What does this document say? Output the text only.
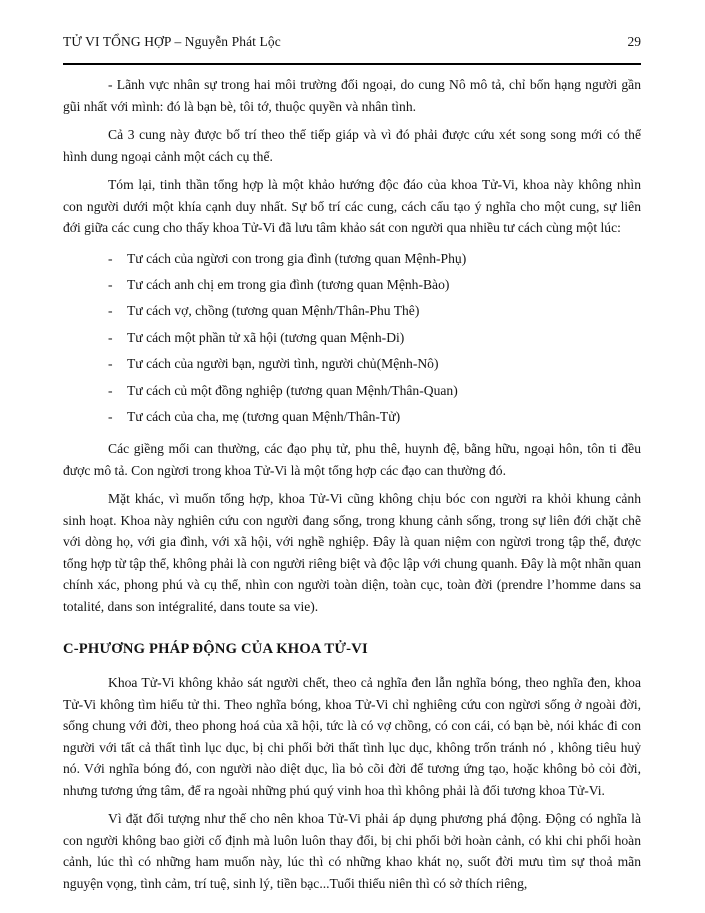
TỬ VI TỔNG HỢP – Nguyễn Phát Lộc	29

- Lãnh vực nhân sự trong hai môi trường đối ngoại, do cung Nô mô tả, chỉ bốn hạng người gần gũi nhất với mình: đó là bạn bè, tôi tớ, thuộc quyền và nhân tình.

Cả 3 cung này được bố trí theo thế tiếp giáp và vì đó phải được cứu xét song song mới có thể hình dung ngoại cảnh một cách cụ thể.

Tóm lại, tinh thần tổng hợp là một khảo hướng độc đáo của khoa Tử-Vi, khoa này không nhìn con người dưới một khía cạnh duy nhất. Sự bố trí các cung, cách cấu tạo ý nghĩa cho một cung, sự liên đới giữa các cung cho thấy khoa Tử-Vi đã lưu tâm khảo sát con người qua nhiều tư cách cùng một lúc:

- Tư cách của ngừơi con trong gia đình (tương quan Mệnh-Phụ)
- Tư cách anh chị em trong gia đình (tương quan Mệnh-Bào)
- Tư cách vợ, chồng (tương quan Mệnh/Thân-Phu Thê)
- Tư cách một phần tử xã hội (tương quan Mệnh-Di)
- Tư cách của người bạn, người tình, người chủ(Mệnh-Nô)
- Tư cách củ một đồng nghiệp (tương quan Mệnh/Thân-Quan)
- Tư cách của cha, mẹ (tương quan Mệnh/Thân-Tử)

Các giềng mối can thường, các đạo phụ tử, phu thê, huynh đệ, bằng hữu, ngoại hôn, tôn ti đều được mô tả. Con ngừơi trong khoa Tử-Vi là một tổng hợp các đạo can thường đó.

Mặt khác, vì muốn tổng hợp, khoa Tử-Vi cũng không chịu bóc con người ra khỏi khung cảnh sinh hoạt. Khoa này nghiên cứu con người đang sống, trong khung cảnh sống, trong sự liên đới chặt chẽ với dòng họ, với gia đình, với xã hội, với nghề nghiệp. Đây là quan niệm con ngừơi trong tập thể, được tổng hợp từ tập thể, không phải là con người riêng biệt và độc lập với chung quanh. Đây là một nhãn quan chính xác, phong phú và cụ thể, nhìn con người toàn diện, toàn cục, toàn đời (prendre l’homme dans sa totalité, dans son intégralité, dans toute sa vie).

C-PHƯƠNG PHÁP ĐỘNG CỦA KHOA TỬ-VI

Khoa Tử-Vi không khảo sát người chết, theo cả nghĩa đen lẫn nghĩa bóng, theo nghĩa đen, khoa Tử-Vi không tìm hiểu tử thi. Theo nghĩa bóng, khoa Tử-Vi chỉ nghiêng cứu con ngừơi sống ở ngoài đời, sống chung với đời, theo phong hoá của xã hội, tức là có vợ chồng, có con cái, có bạn bè, nói khác đi con người với tất cả thất tình lục dục, bị chi phối bởi thất tình lục dục, không trốn tránh nó , không tiêu huỷ nó. Với nghĩa bóng đó, con người nào diệt dục, lìa bỏ cõi đời để tương ứng tạo, hoặc không bỏ cỏi đời, nhưng tương ứng tâm, để ra ngoài những phú quý vinh hoa thì không phải là đối tương khoa Tử-Vi.

Vì đặt đối tượng như thế cho nên khoa Tử-Vi phải áp dụng phương phá động. Động có nghĩa là con người không bao giời cố định mà luôn luôn thay đổi, bị chi phối bởi hoàn cảnh, có khi chi phối hoàn cảnh, lúc thì có những ham muốn này, lúc thì có những khao khát nọ, suốt đời mưu tìm sự thoả mãn nguyện vọng, tình cảm, trí tuệ, sinh lý, tiền bạc...Tuổi thiếu niên thì có sở thích riêng,
